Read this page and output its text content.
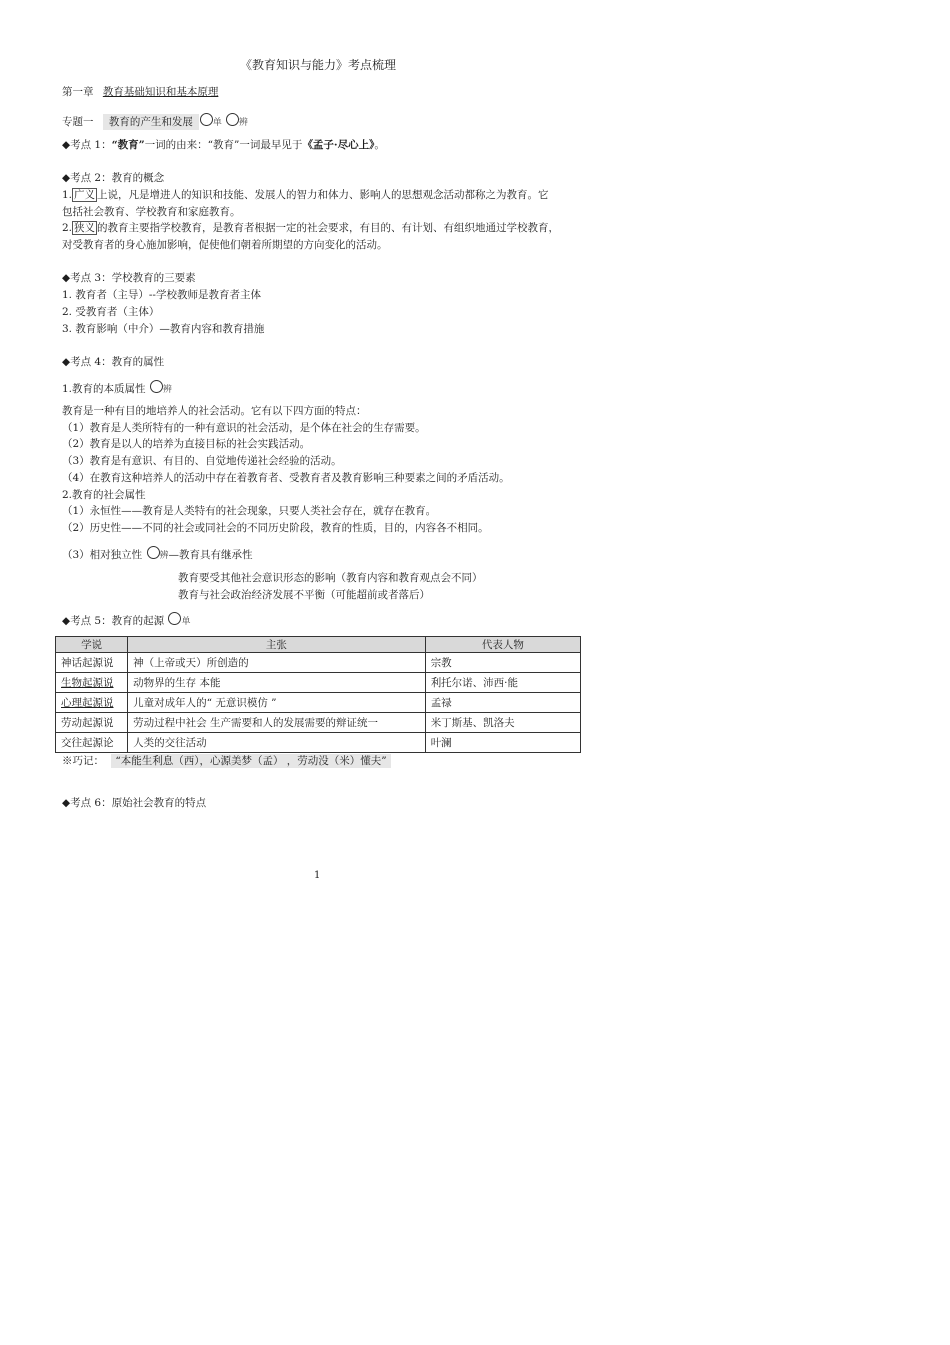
《教育知识与能力》考点梳理
第一章 教育基础知识和基本原理
专题一 教育的产生和发展 单 辨
◆考点 1：“教育”一词的由来：“教育”一词最早见于《孟子·尽心上》。
◆考点 2：教育的概念
1. 广义 上说，凡是增进人的知识和技能、发展人的智力和体力、影响人的思想观念活动都称之为教育。它
包括社会教育、学校教育和家庭教育。
2. 狭义 的教育主要指学校教育，是教育者根据一定的社会要求，有目的、有计划、有组织地通过学校教育，
对受教育者的身心施加影响，促使他们朝着所期望的方向变化的活动。
◆考点 3：学校教育的三要素
1. 教育者（主导）--学校教师是教育者主体
2. 受教育者（主体）
3. 教育影响（中介）—教育内容和教育措施
◆考点 4：教育的属性
1.教育的本质属性 辨
教育是一种有目的地培养人的社会活动。它有以下四方面的特点：
（1）教育是人类所特有的一种有意识的社会活动，是个体在社会的生存需要。
（2）教育是以人的培养为直接目标的社会实践活动。
（3）教育是有意识、有目的、自觉地传递社会经验的活动。
（4）在教育这种培养人的活动中存在着教育者、受教育者及教育影响三种要素之间的矛盾活动。
2.教育的社会属性
（1）永恒性——教育是人类特有的社会现象，只要人类社会存在，就存在教育。
（2）历史性——不同的社会或同社会的不同历史阶段，教育的性质，目的，内容各不相同。
（3）相对独立性 辨—教育具有继承性
教育要受其他社会意识形态的影响（教育内容和教育观点会不同）
教育与社会政治经济发展不平衡（可能超前或者落后）
◆考点 5：教育的起源 单
学说	主张	代表人物
神话起源说	神（上帝或天）所创造的	宗教
生物起源说	动物界的生存 本能	利托尔诺、沛西·能
心理起源说	儿童对成年人的“ 无意识模仿 ”	孟禄
劳动起源说	劳动过程中社会 生产需要和人的发展需要的辩证统一	米丁斯基、凯洛夫
交往起源论	人类的交往活动	叶澜
※巧记： “本能生利息（西），心源美梦（孟） ，劳动没（米）懂夫”
◆考点 6：原始社会教育的特点
1
